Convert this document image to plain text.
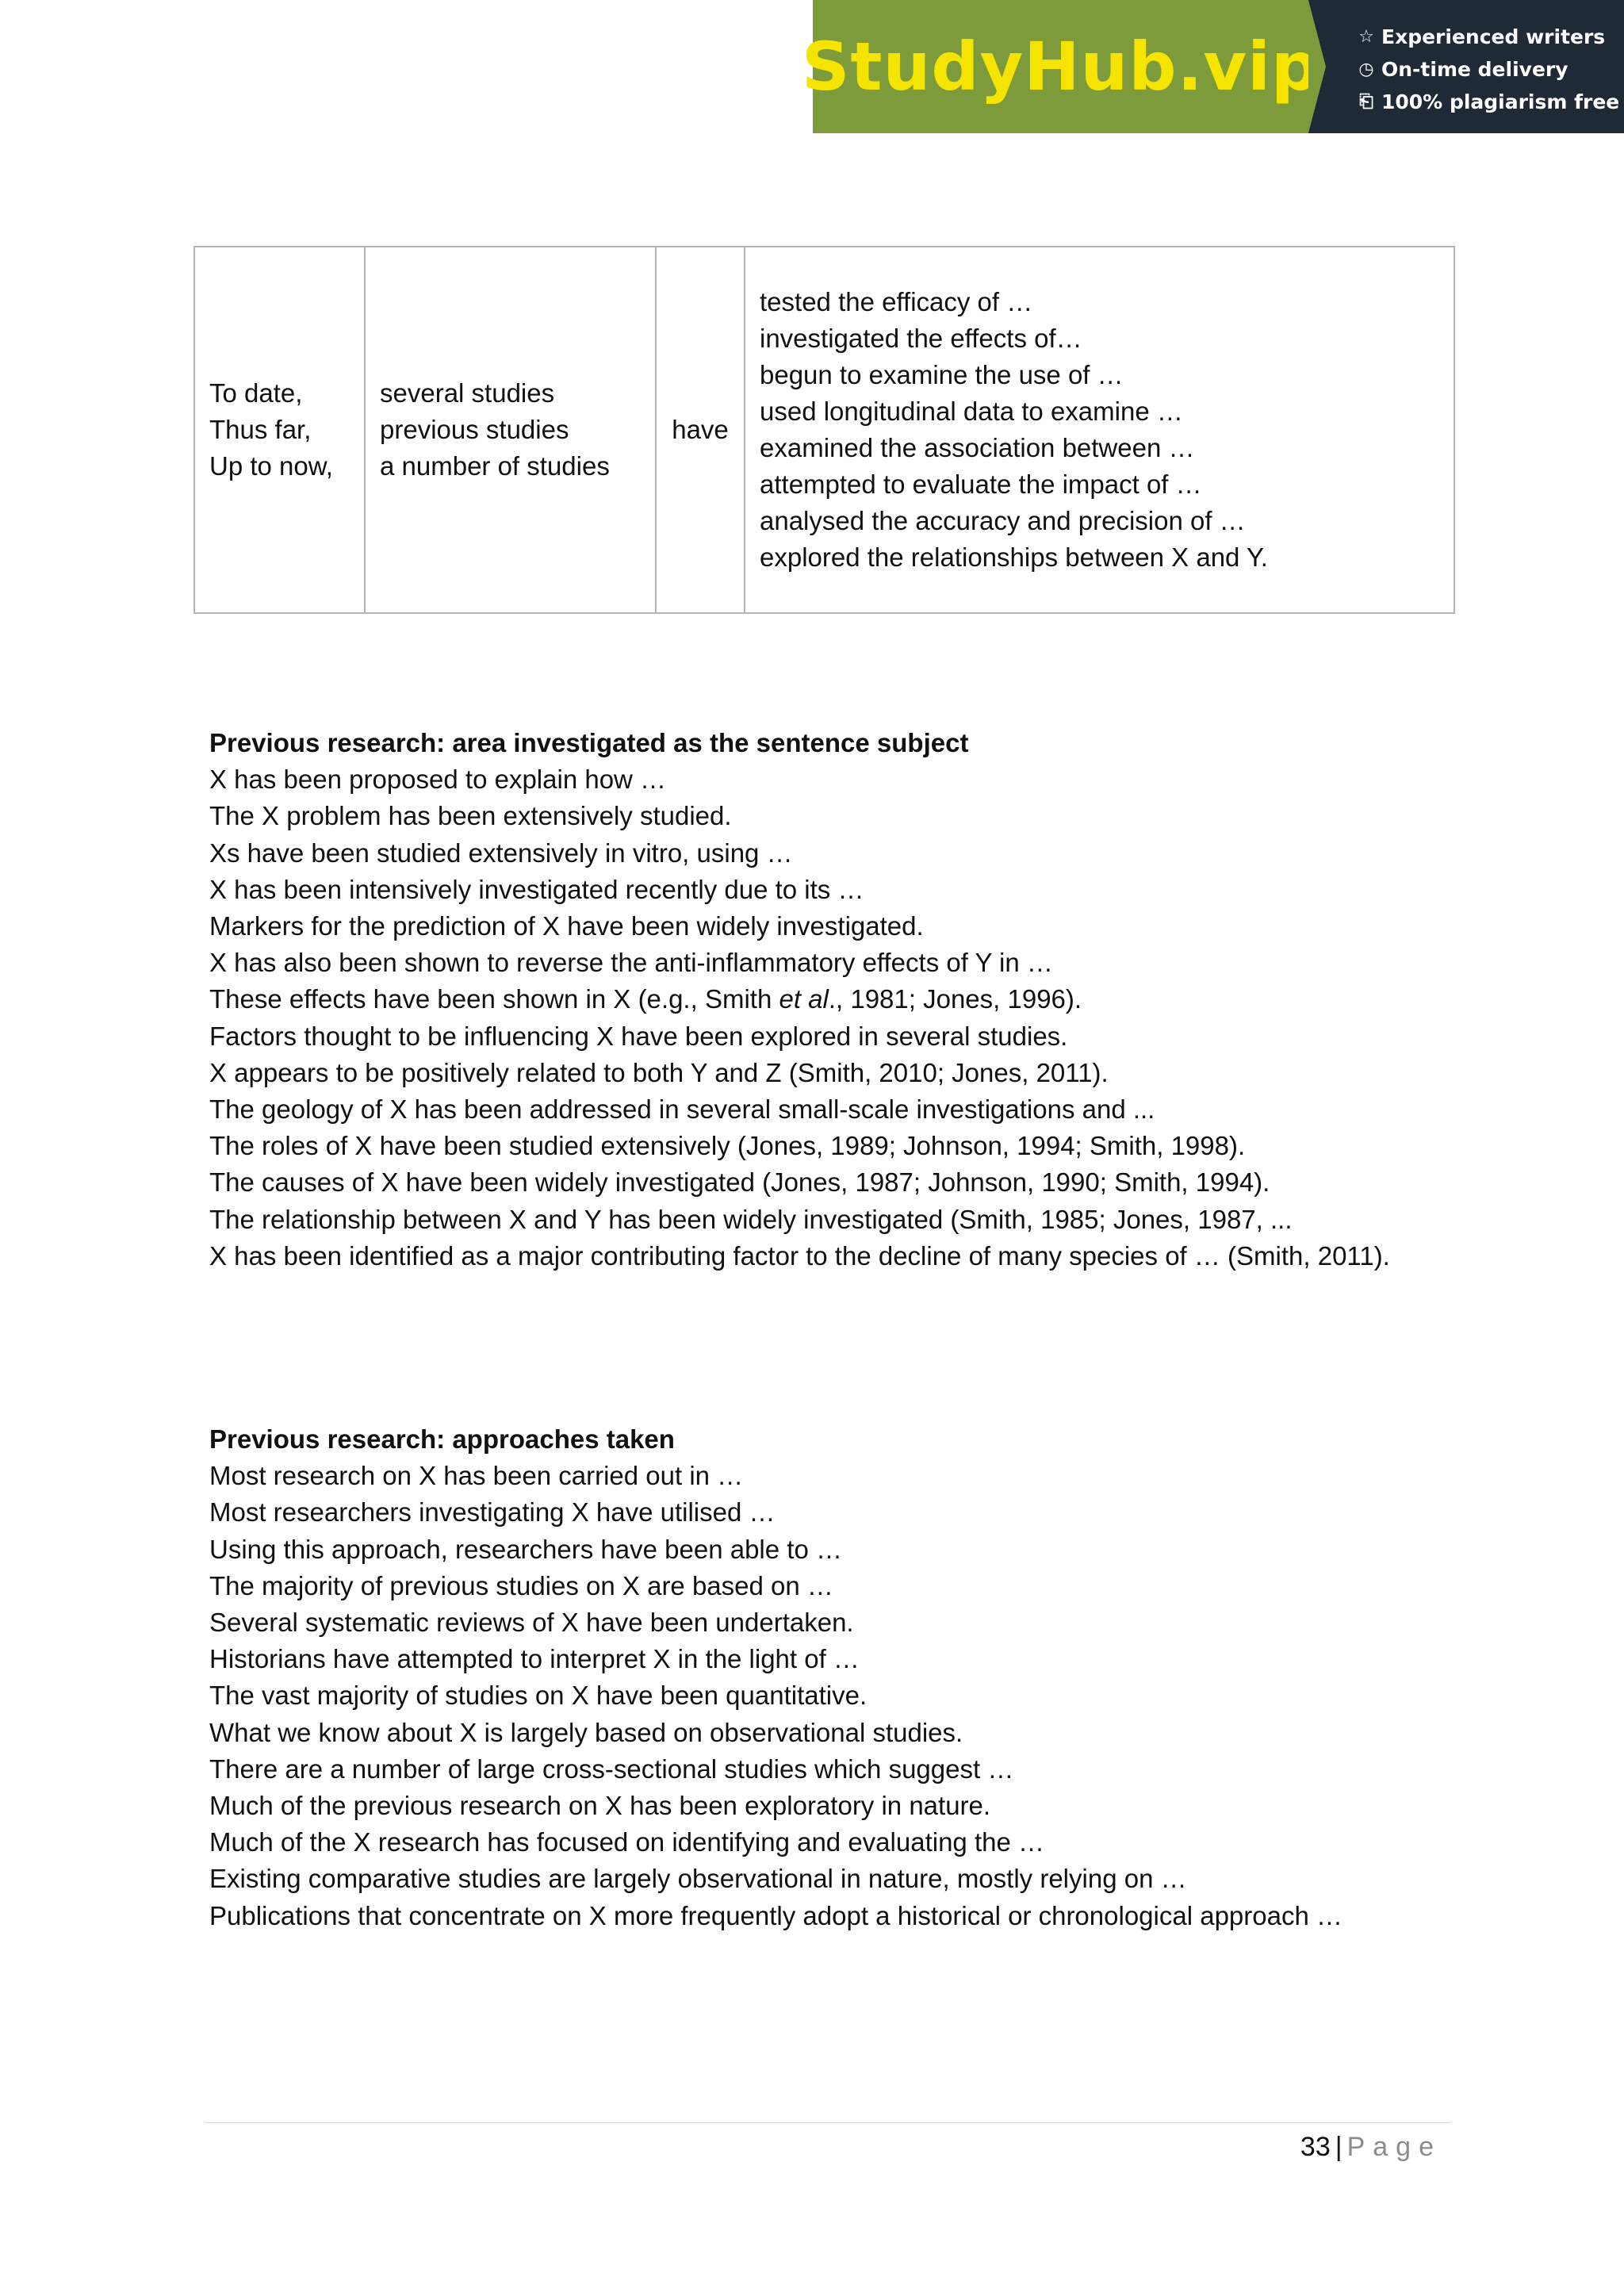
StudyHub.vip ☆ Experienced writers
◷ On-time delivery
⎗ 100% plagiarism free
To date,
Thus far,
Up to now,

several studies
previous studies
a number of studies

have

tested the efficacy of …
investigated the effects of…
begun to examine the use of …
used longitudinal data to examine …
examined the association between …
attempted to evaluate the impact of …
analysed the accuracy and precision of …
explored the relationships between X and Y.
Previous research: area investigated as the sentence subject
X has been proposed to explain how …
The X problem has been extensively studied.
Xs have been studied extensively in vitro, using …
X has been intensively investigated recently due to its …
Markers for the prediction of X have been widely investigated.
X has also been shown to reverse the anti-inflammatory effects of Y in …
These effects have been shown in X (e.g., Smith et al., 1981; Jones, 1996).
Factors thought to be influencing X have been explored in several studies.
X appears to be positively related to both Y and Z (Smith, 2010; Jones, 2011).
The geology of X has been addressed in several small-scale investigations and ...
The roles of X have been studied extensively (Jones, 1989; Johnson, 1994; Smith, 1998).
The causes of X have been widely investigated (Jones, 1987; Johnson, 1990; Smith, 1994).
The relationship between X and Y has been widely investigated (Smith, 1985; Jones, 1987, ...
X has been identified as a major contributing factor to the decline of many species of … (Smith, 2011).
Previous research: approaches taken
Most research on X has been carried out in …
Most researchers investigating X have utilised …
Using this approach, researchers have been able to …
The majority of previous studies on X are based on …
Several systematic reviews of X have been undertaken.
Historians have attempted to interpret X in the light of …
The vast majority of studies on X have been quantitative.
What we know about X is largely based on observational studies.
There are a number of large cross-sectional studies which suggest …
Much of the previous research on X has been exploratory in nature.
Much of the X research has focused on identifying and evaluating the …
Existing comparative studies are largely observational in nature, mostly relying on …
Publications that concentrate on X more frequently adopt a historical or chronological approach …
33 | Page
